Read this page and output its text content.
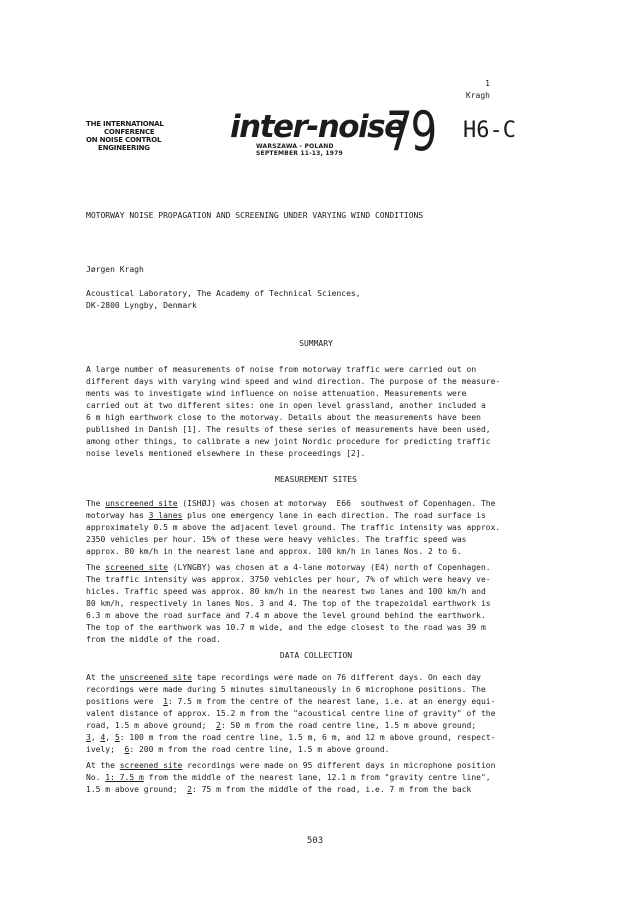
1
Kragh
THE INTERNATIONAL
CONFERENCE
ON NOISE CONTROL
ENGINEERING
inter-noise
WARSZAWA - POLAND
SEPTEMBER 11-13, 1979 79 H6-C
MOTORWAY NOISE PROPAGATION AND SCREENING UNDER VARYING WIND CONDITIONS
Jørgen Kragh
Acoustical Laboratory, The Academy of Technical Sciences,
DK-2800 Lyngby, Denmark
SUMMARY
A large number of measurements of noise from motorway traffic were carried out on
different days with varying wind speed and wind direction. The purpose of the measure-
ments was to investigate wind influence on noise attenuation. Measurements were
carried out at two different sites: one in open level grassland, another included a
6 m high earthwork close to the motorway. Details about the measurements have been
published in Danish [1]. The results of these series of measurements have been used,
among other things, to calibrate a new joint Nordic procedure for predicting traffic
noise levels mentioned elsewhere in these proceedings [2].
MEASUREMENT SITES
The unscreened site (ISHØJ) was chosen at motorway  E66  southwest of Copenhagen. The
motorway has 3 lanes plus one emergency lane in each direction. The road surface is
approximately 0.5 m above the adjacent level ground. The traffic intensity was approx.
2350 vehicles per hour. 15% of these were heavy vehicles. The traffic speed was
approx. 80 km/h in the nearest lane and approx. 100 km/h in lanes Nos. 2 to 6.
The screened site (LYNGBY) was chosen at a 4-lane motorway (E4) north of Copenhagen.
The traffic intensity was approx. 3750 vehicles per hour, 7% of which were heavy ve-
hicles. Traffic speed was approx. 80 km/h in the nearest two lanes and 100 km/h and
80 km/h, respectively in lanes Nos. 3 and 4. The top of the trapezoidal earthwork is
6.3 m above the road surface and 7.4 m above the level ground behind the earthwork.
The top of the earthwork was 10.7 m wide, and the edge closest to the road was 39 m
from the middle of the road.
DATA COLLECTION
At the unscreened site tape recordings were made on 76 different days. On each day
recordings were made during 5 minutes simultaneously in 6 microphone positions. The
positions were  1: 7.5 m from the centre of the nearest lane, i.e. at an energy equi-
valent distance of approx. 15.2 m from the "acoustical centre line of gravity" of the
road, 1.5 m above ground;  2: 50 m from the road centre line, 1.5 m above ground;
3, 4, 5: 100 m from the road centre line, 1.5 m, 6 m, and 12 m above ground, respect-
ively;  6: 200 m from the road centre line, 1.5 m above ground.
At the screened site recordings were made on 95 different days in microphone position
No. 1: 7.5 m from the middle of the nearest lane, 12.1 m from "gravity centre line",
1.5 m above ground;  2: 75 m from the middle of the road, i.e. 7 m from the back
503
